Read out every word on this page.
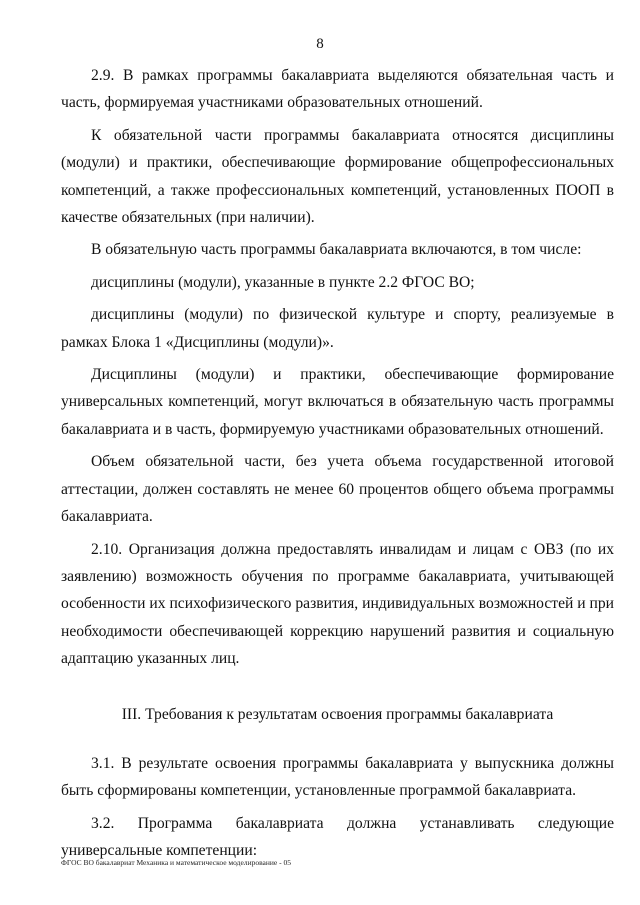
8

2.9. В рамках программы бакалавриата выделяются обязательная часть и часть, формируемая участниками образовательных отношений.

К обязательной части программы бакалавриата относятся дисциплины (модули) и практики, обеспечивающие формирование общепрофессиональных компетенций, а также профессиональных компетенций, установленных ПООП в качестве обязательных (при наличии).

В обязательную часть программы бакалавриата включаются, в том числе:

дисциплины (модули), указанные в пункте 2.2 ФГОС ВО;

дисциплины (модули) по физической культуре и спорту, реализуемые в рамках Блока 1 «Дисциплины (модули)».

Дисциплины (модули) и практики, обеспечивающие формирование универсальных компетенций, могут включаться в обязательную часть программы бакалавриата и в часть, формируемую участниками образовательных отношений.

Объем обязательной части, без учета объема государственной итоговой аттестации, должен составлять не менее 60 процентов общего объема программы бакалавриата.

2.10. Организация должна предоставлять инвалидам и лицам с ОВЗ (по их заявлению) возможность обучения по программе бакалавриата, учитывающей особенности их психофизического развития, индивидуальных возможностей и при необходимости обеспечивающей коррекцию нарушений развития и социальную адаптацию указанных лиц.

III. Требования к результатам освоения программы бакалавриата

3.1. В результате освоения программы бакалавриата у выпускника должны быть сформированы компетенции, установленные программой бакалавриата.

3.2. Программа бакалавриата должна устанавливать следующие универсальные компетенции:

ФГОС ВО бакалавриат Механика и математическое моделирование - 05
